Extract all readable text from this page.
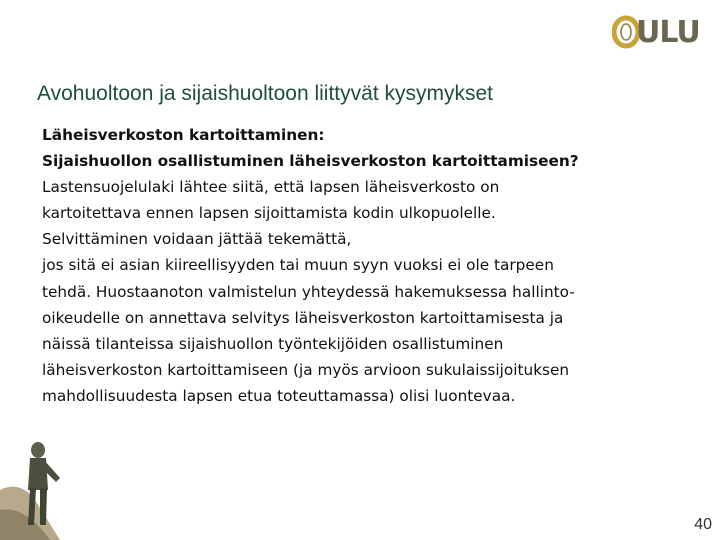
ULU
Avohuoltoon ja sijaishuoltoon liittyvät kysymykset
Läheisverkoston kartoittaminen:
Sijaishuollon osallistuminen läheisverkoston kartoittamiseen?
Lastensuojelulaki lähtee siitä, että lapsen läheisverkosto on
kartoitettava ennen lapsen sijoittamista kodin ulkopuolelle.
Selvittäminen voidaan jättää tekemättä,
jos sitä ei asian kiireellisyyden tai muun syyn vuoksi ei ole tarpeen
tehdä. Huostaanoton valmistelun yhteydessä hakemuksessa hallinto-
oikeudelle on annettava selvitys läheisverkoston kartoittamisesta ja
näissä tilanteissa sijaishuollon työntekijöiden osallistuminen
läheisverkoston kartoittamiseen (ja myös arvioon sukulaissijoituksen
mahdollisuudesta lapsen etua toteuttamassa) olisi luontevaa.
40
